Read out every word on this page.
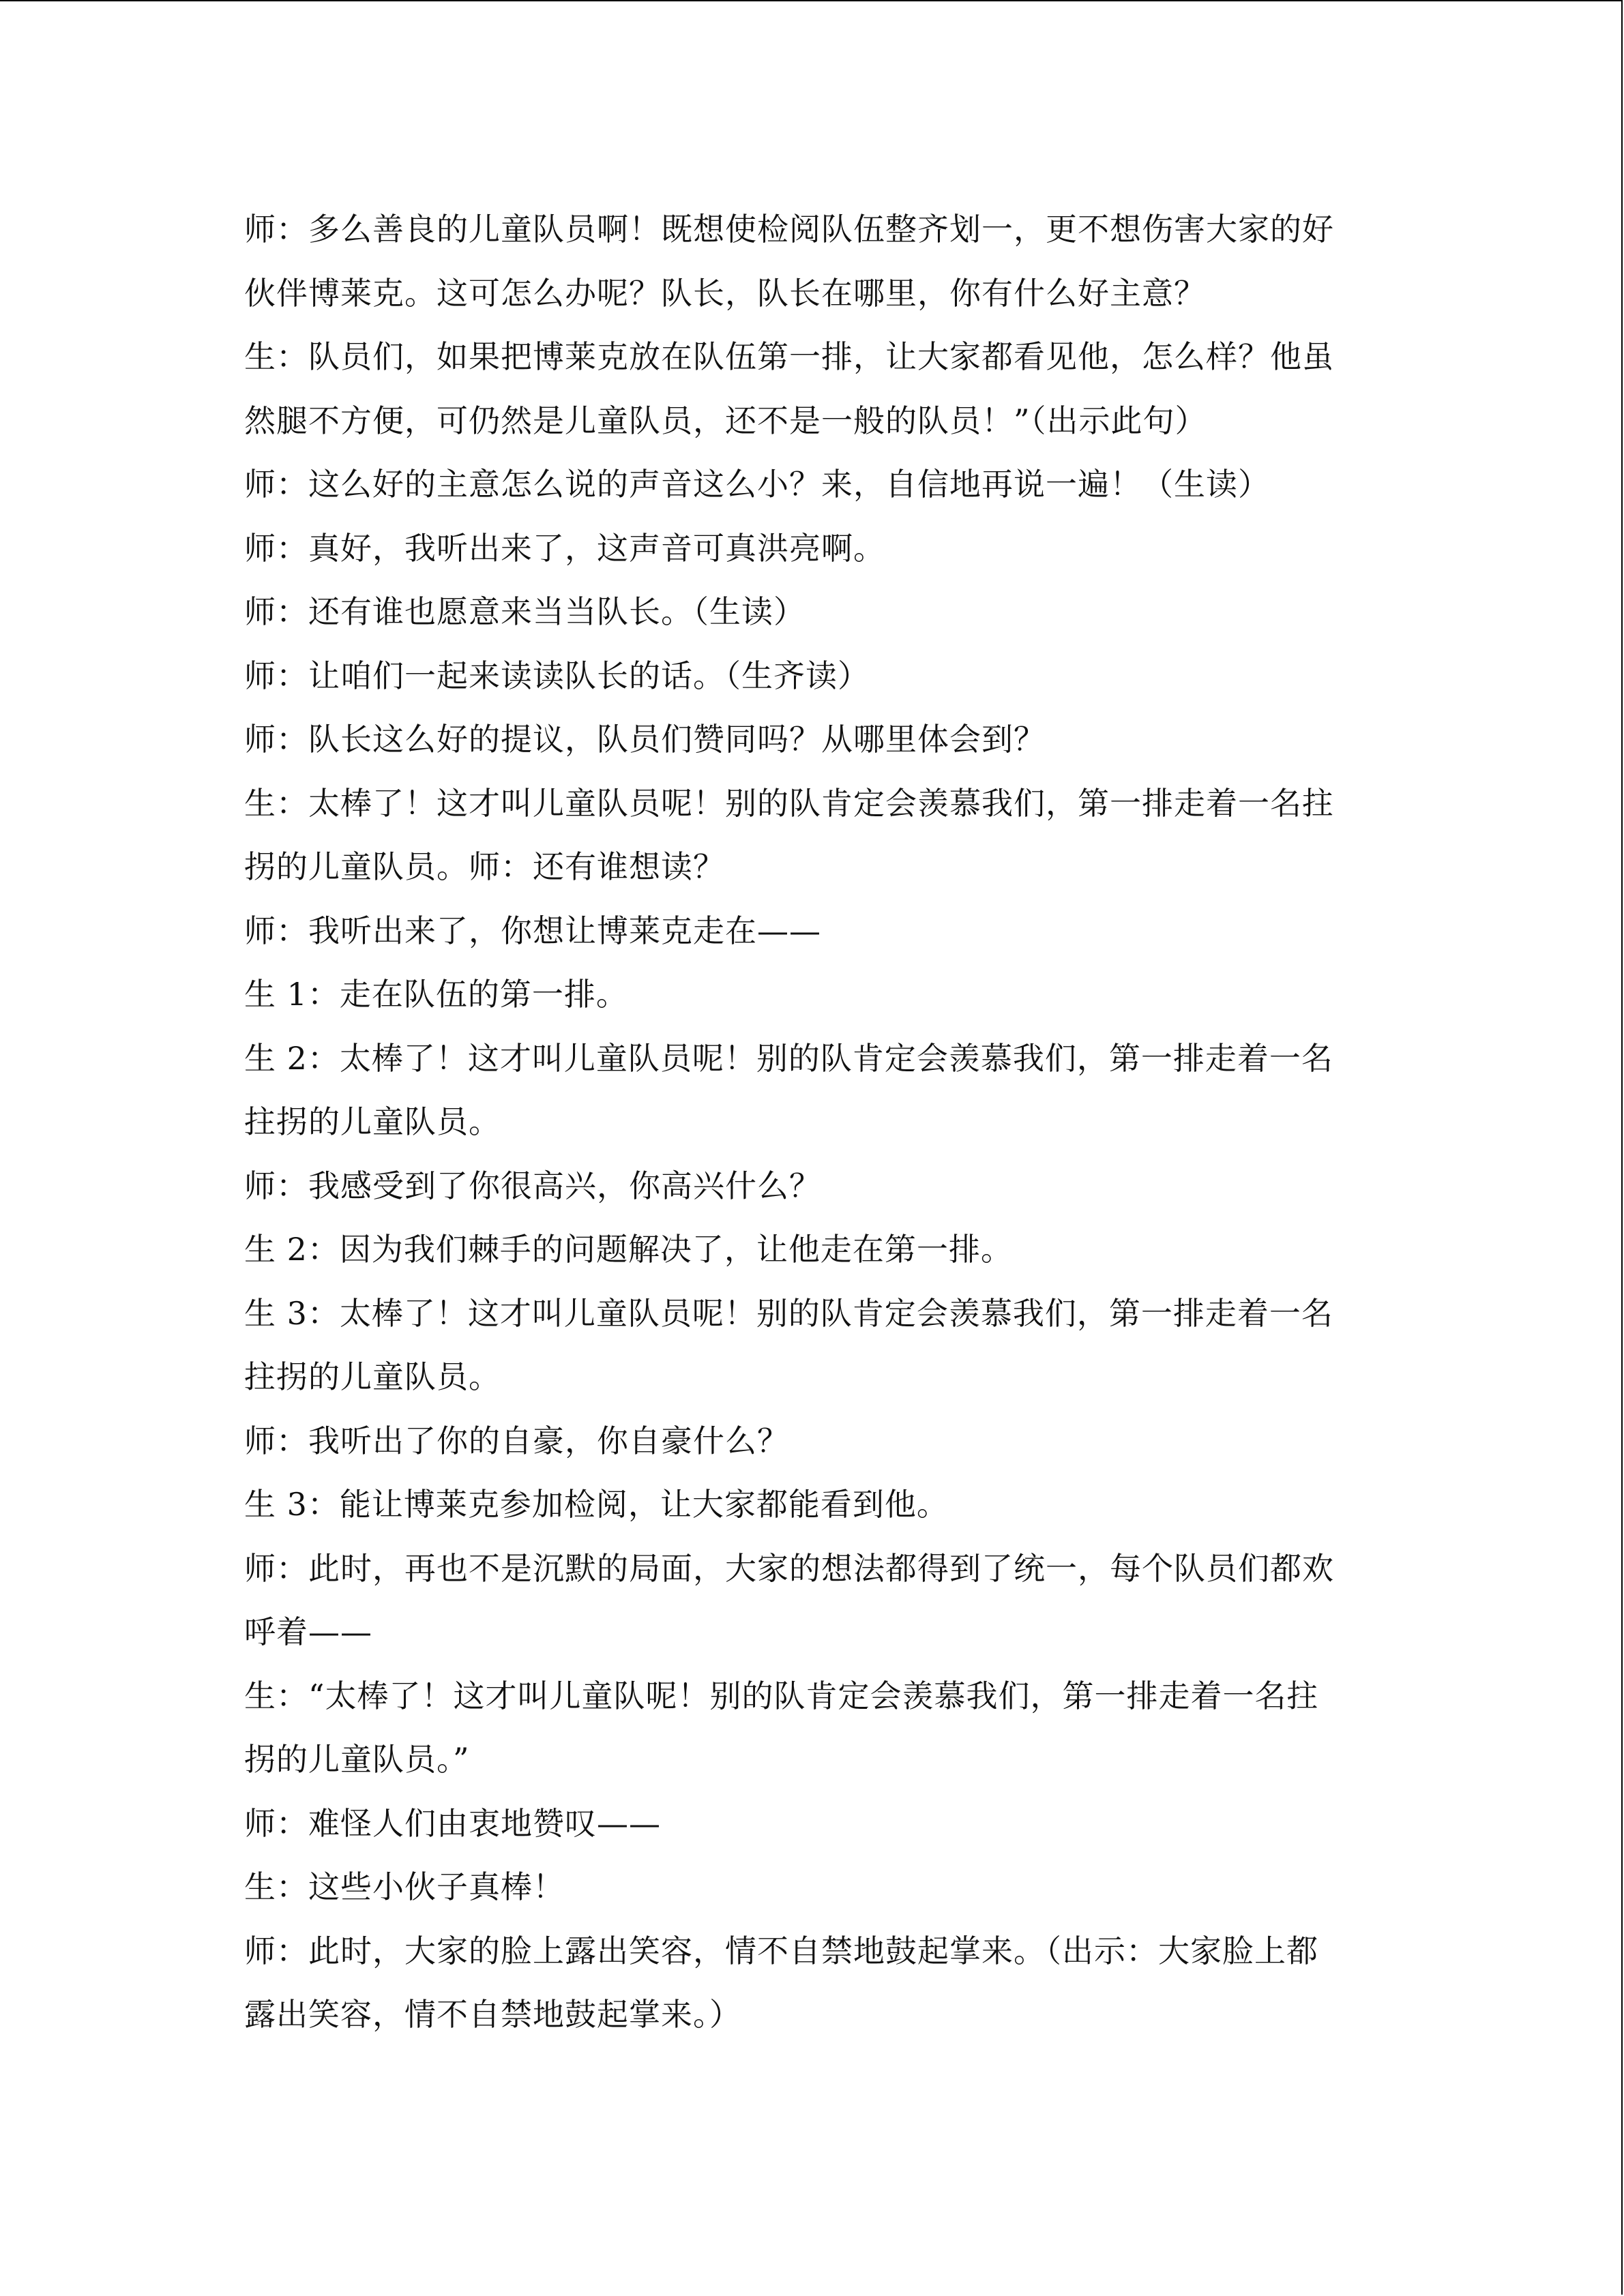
师：多么善良的儿童队员啊！既想使检阅队伍整齐划一，更不想伤害大家的好
伙伴博莱克。这可怎么办呢？队长，队长在哪里，你有什么好主意？
生：队员们，如果把博莱克放在队伍第一排，让大家都看见他，怎么样？他虽
然腿不方便，可仍然是儿童队员，还不是一般的队员！”（出示此句）
师：这么好的主意怎么说的声音这么小？来，自信地再说一遍！（生读）
师：真好，我听出来了，这声音可真洪亮啊。
师：还有谁也愿意来当当队长。（生读）
师：让咱们一起来读读队长的话。（生齐读）
师：队长这么好的提议，队员们赞同吗？从哪里体会到？
生：太棒了！这才叫儿童队员呢！别的队肯定会羡慕我们，第一排走着一名拄
拐的儿童队员。师：还有谁想读？
师：我听出来了，你想让博莱克走在——
生 1：走在队伍的第一排。
生 2：太棒了！这才叫儿童队员呢！别的队肯定会羡慕我们，第一排走着一名
拄拐的儿童队员。
师：我感受到了你很高兴，你高兴什么？
生 2：因为我们棘手的问题解决了，让他走在第一排。
生 3：太棒了！这才叫儿童队员呢！别的队肯定会羡慕我们，第一排走着一名
拄拐的儿童队员。
师：我听出了你的自豪，你自豪什么？
生 3：能让博莱克参加检阅，让大家都能看到他。
师：此时，再也不是沉默的局面，大家的想法都得到了统一，每个队员们都欢
呼着——
生：“太棒了！这才叫儿童队呢！别的队肯定会羡慕我们，第一排走着一名拄
拐的儿童队员。”
师：难怪人们由衷地赞叹——
生：这些小伙子真棒！
师：此时，大家的脸上露出笑容，情不自禁地鼓起掌来。（出示：大家脸上都
露出笑容，情不自禁地鼓起掌来。）
